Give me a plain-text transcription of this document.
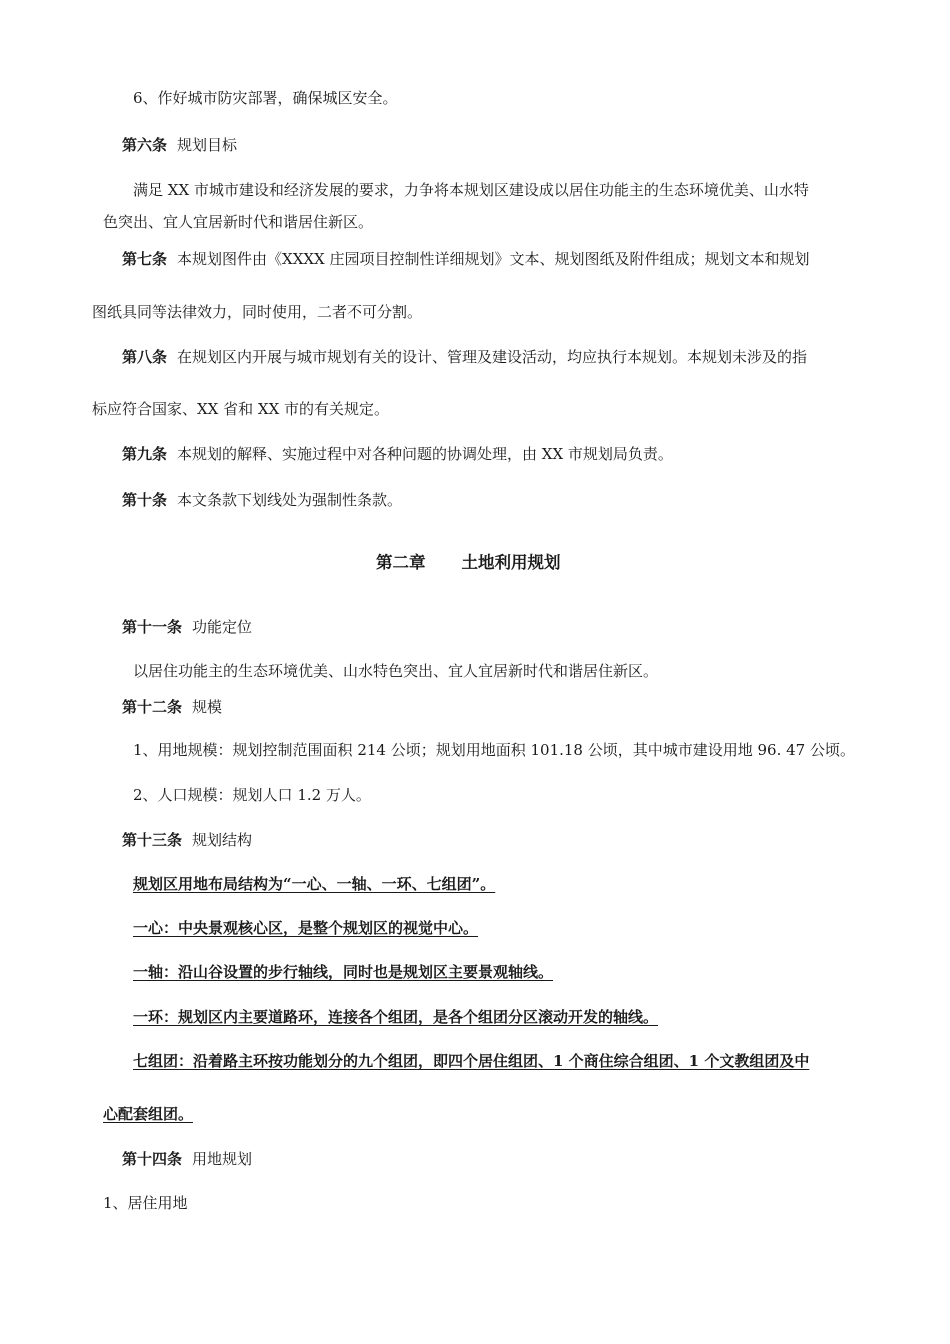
6、作好城市防灾部署，确保城区安全。
第六条 规划目标
满足 XX 市城市建设和经济发展的要求，力争将本规划区建设成以居住功能主的生态环境优美、山水特
色突出、宜人宜居新时代和谐居住新区。
第七条 本规划图件由《XXXX 庄园项目控制性详细规划》文本、规划图纸及附件组成；规划文本和规划
图纸具同等法律效力，同时使用，二者不可分割。
第八条 在规划区内开展与城市规划有关的设计、管理及建设活动，均应执行本规划。本规划未涉及的指
标应符合国家、XX 省和 XX 市的有关规定。
第九条 本规划的解释、实施过程中对各种问题的协调处理，由 XX 市规划局负责。
第十条 本文条款下划线处为强制性条款。
第二章 土地利用规划
第十一条 功能定位
以居住功能主的生态环境优美、山水特色突出、宜人宜居新时代和谐居住新区。
第十二条 规模
1、用地规模：规划控制范围面积 214 公顷；规划用地面积 101.18 公顷，其中城市建设用地 96. 47 公顷。
2、人口规模：规划人口 1.2 万人。
第十三条 规划结构
规划区用地布局结构为“一心、一轴、一环、七组团”。
一心：中央景观核心区，是整个规划区的视觉中心。
一轴：沿山谷设置的步行轴线，同时也是规划区主要景观轴线。
一环：规划区内主要道路环，连接各个组团，是各个组团分区滚动开发的轴线。
七组团：沿着路主环按功能划分的九个组团，即四个居住组团、1 个商住综合组团、1 个文教组团及中
心配套组团。
第十四条 用地规划
1、居住用地
